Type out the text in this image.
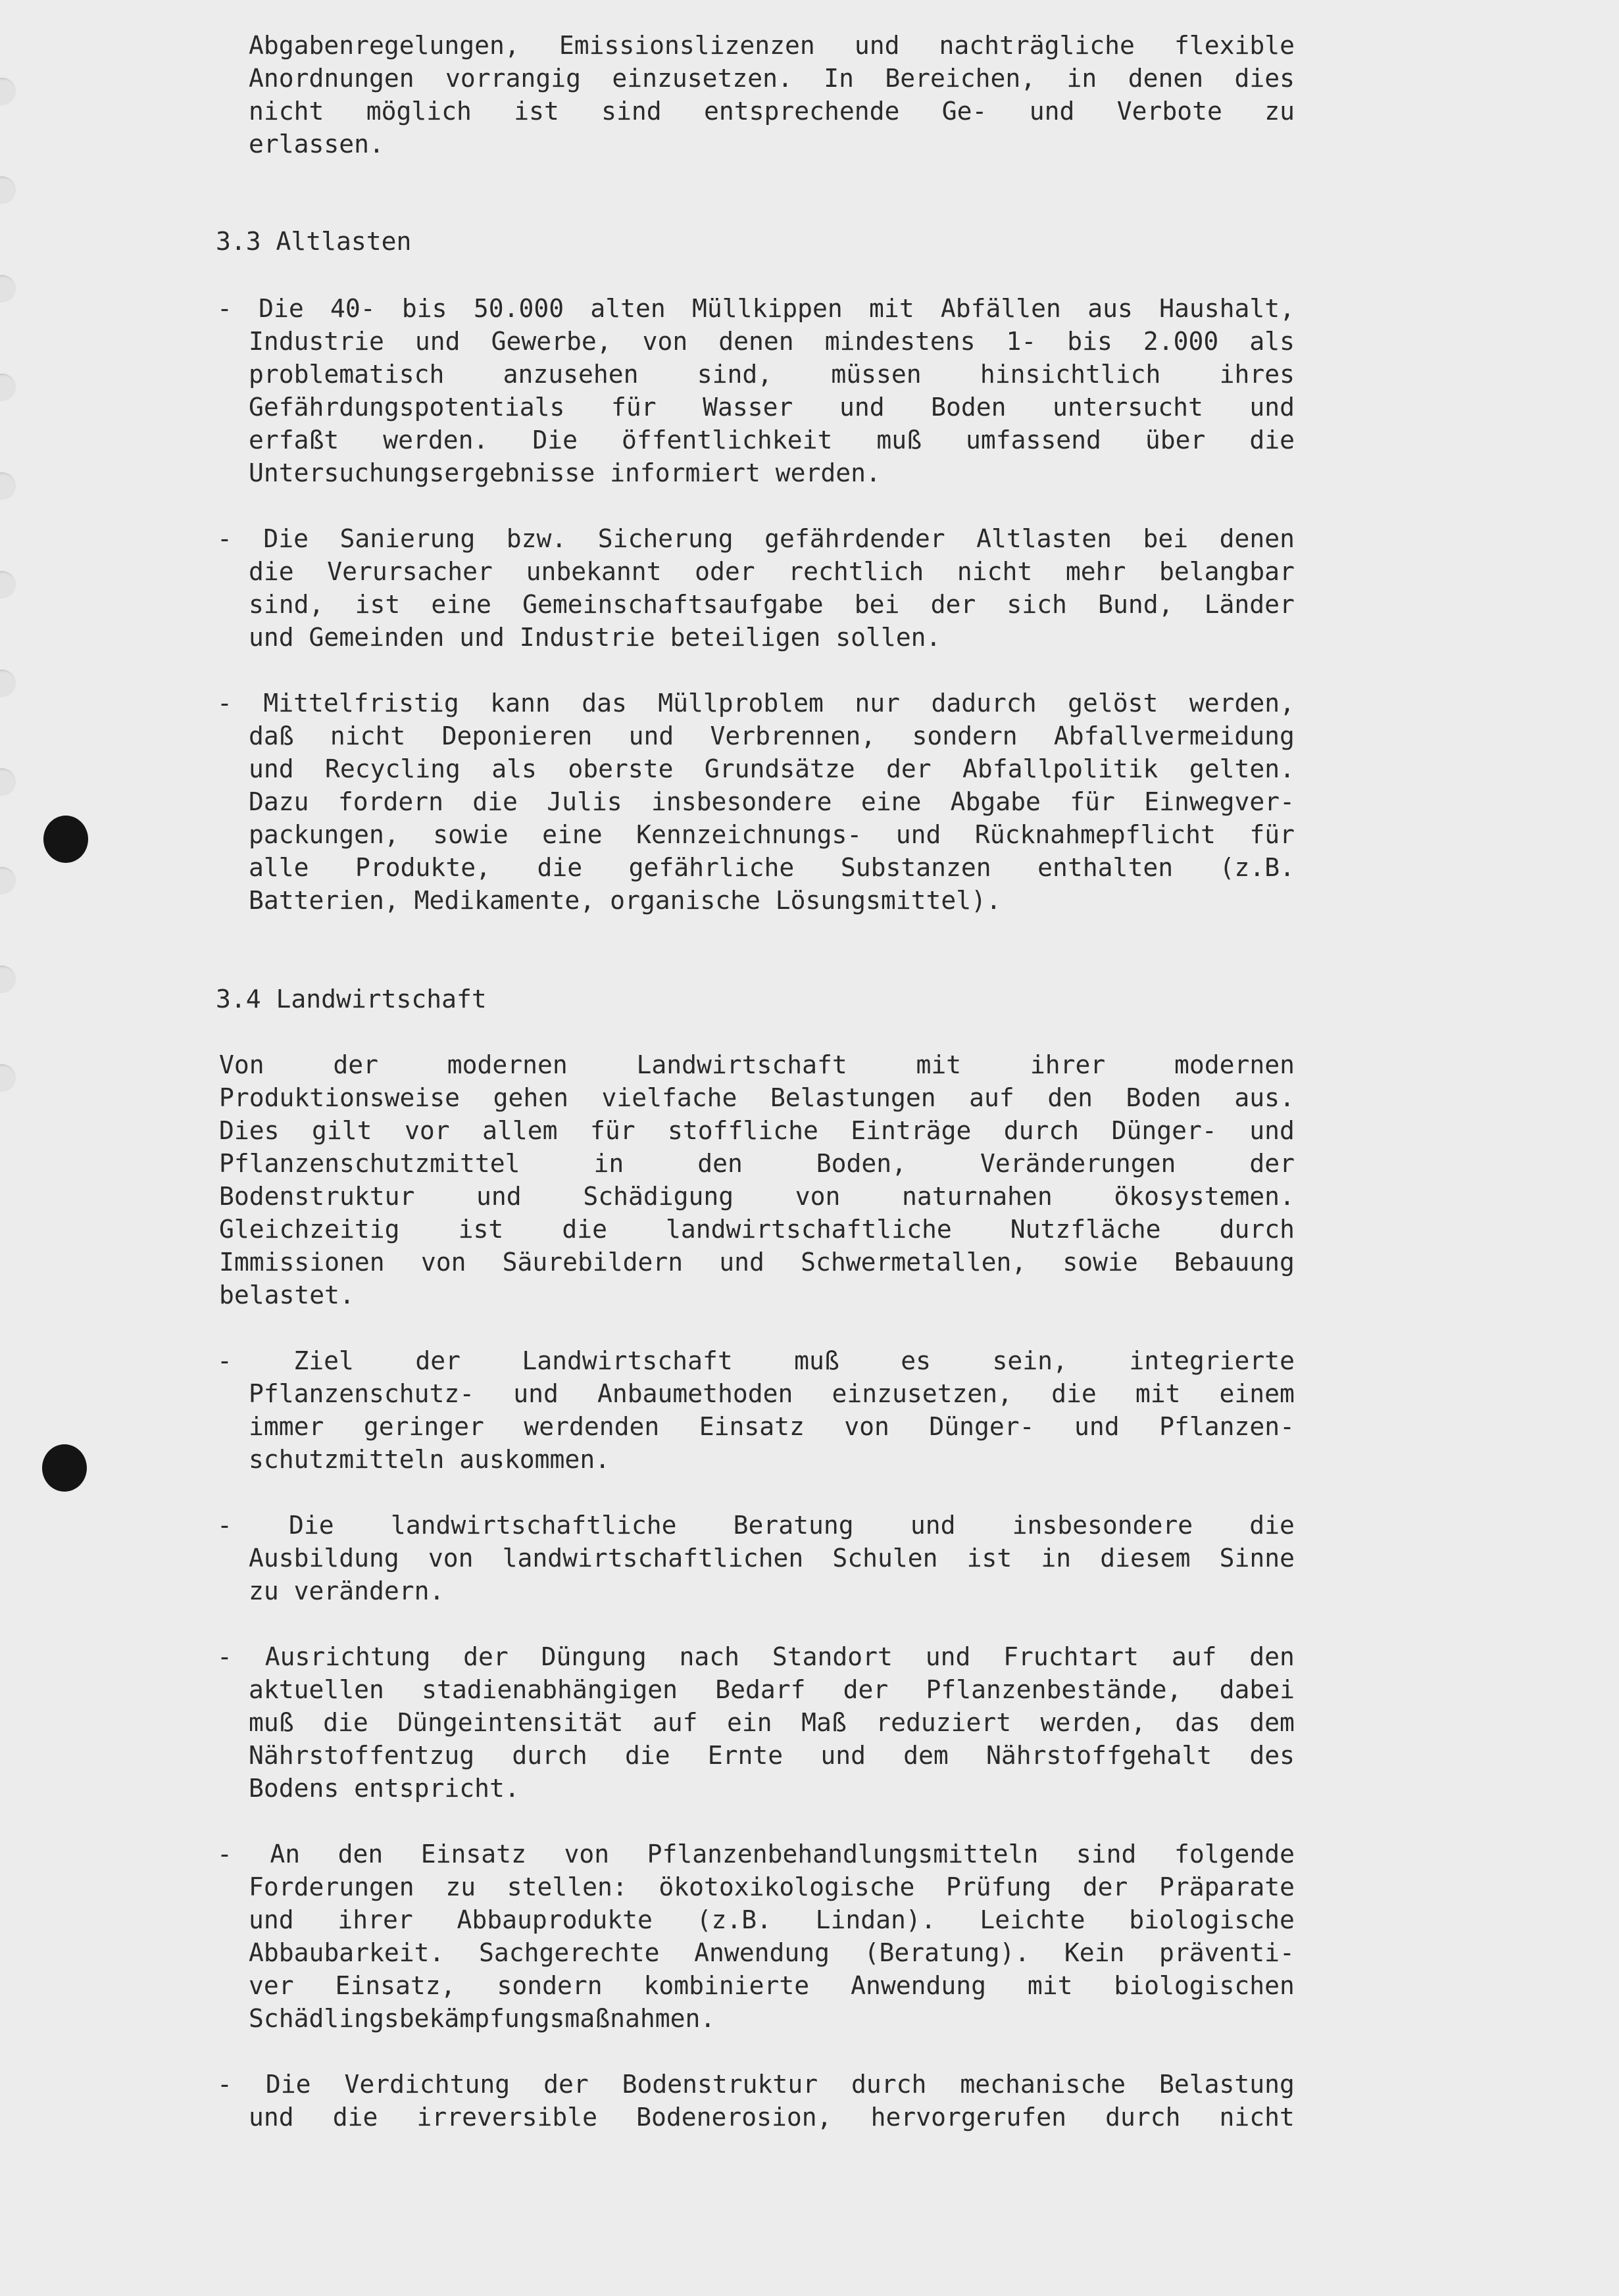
Abgabenregelungen, Emissionslizenzen und nachträgliche flexible
Anordnungen vorrangig einzusetzen. In Bereichen, in denen dies
nicht möglich ist sind entsprechende Ge- und Verbote zu
erlassen.
3.3 Altlasten
- Die 40- bis 50.000 alten Müllkippen mit Abfällen aus Haushalt,
Industrie und Gewerbe, von denen mindestens 1- bis 2.000 als
problematisch anzusehen sind, müssen hinsichtlich ihres
Gefährdungspotentials für Wasser und Boden untersucht und
erfaßt werden. Die öffentlichkeit muß umfassend über die
Untersuchungsergebnisse informiert werden.
- Die Sanierung bzw. Sicherung gefährdender Altlasten bei denen
die Verursacher unbekannt oder rechtlich nicht mehr belangbar
sind, ist eine Gemeinschaftsaufgabe bei der sich Bund, Länder
und Gemeinden und Industrie beteiligen sollen.
- Mittelfristig kann das Müllproblem nur dadurch gelöst werden,
daß nicht Deponieren und Verbrennen, sondern Abfallvermeidung
und Recycling als oberste Grundsätze der Abfallpolitik gelten.
Dazu fordern die Julis insbesondere eine Abgabe für Einwegver-
packungen, sowie eine Kennzeichnungs- und Rücknahmepflicht für
alle Produkte, die gefährliche Substanzen enthalten (z.B.
Batterien, Medikamente, organische Lösungsmittel).
3.4 Landwirtschaft
Von	der	modernen	Landwirtschaft	mit	ihrer	modernen
Produktionsweise gehen vielfache Belastungen auf den Boden aus.
Dies gilt vor allem für stoffliche Einträge durch Dünger- und
Pflanzenschutzmittel	in	den	Boden,	Veränderungen	der
Bodenstruktur und Schädigung von naturnahen ökosystemen.
Gleichzeitig ist die landwirtschaftliche Nutzfläche durch
Immissionen von Säurebildern und Schwermetallen, sowie Bebauung
belastet.
- Ziel der Landwirtschaft muß es sein, integrierte
Pflanzenschutz- und Anbaumethoden einzusetzen, die mit einem
immer geringer werdenden Einsatz von Dünger- und Pflanzen-
schutzmitteln auskommen.
- Die landwirtschaftliche Beratung und insbesondere die
Ausbildung von landwirtschaftlichen Schulen ist in diesem Sinne
zu verändern.
- Ausrichtung der Düngung nach Standort und Fruchtart auf den
aktuellen stadienabhängigen Bedarf der Pflanzenbestände, dabei
muß die Düngeintensität auf ein Maß reduziert werden, das dem
Nährstoffentzug durch die Ernte und dem Nährstoffgehalt des
Bodens entspricht.
- An den Einsatz von Pflanzenbehandlungsmitteln sind folgende
Forderungen zu stellen: ökotoxikologische Prüfung der Präparate
und ihrer Abbauprodukte (z.B. Lindan). Leichte biologische
Abbaubarkeit. Sachgerechte Anwendung (Beratung). Kein präventi-
ver Einsatz, sondern kombinierte Anwendung mit biologischen
Schädlingsbekämpfungsmaßnahmen.
- Die Verdichtung der Bodenstruktur durch mechanische Belastung
und die irreversible Bodenerosion, hervorgerufen durch nicht
